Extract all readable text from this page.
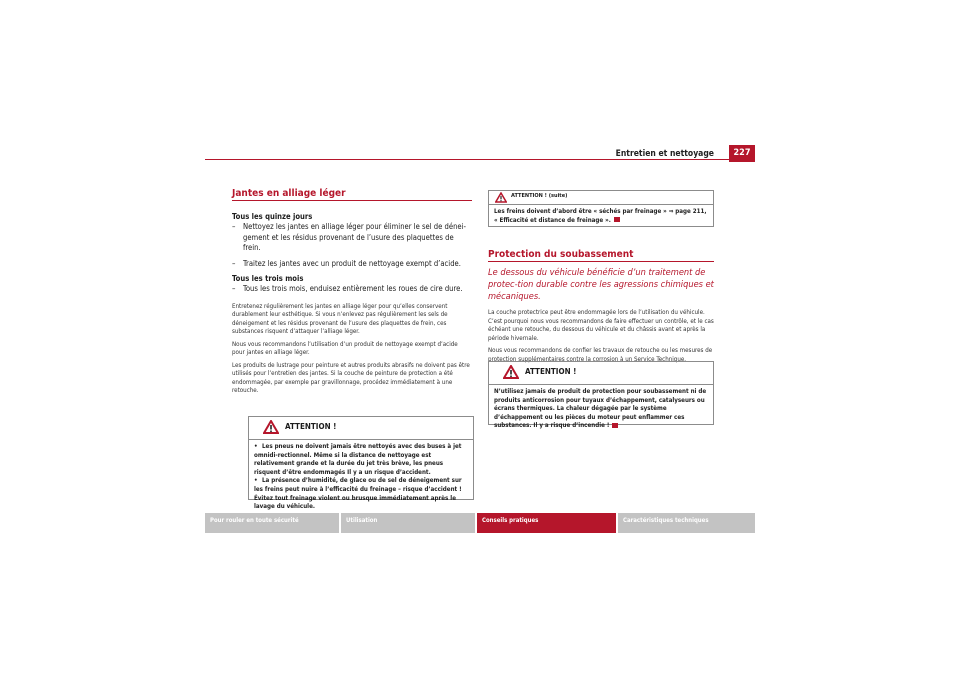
Entretien et nettoyage	227
Jantes en alliage léger

Tous les quinze jours

– Nettoyez les jantes en alliage léger pour éliminer le sel de dénei-

gement et les résidus provenant de l’usure des plaquettes de

frein.

– Traitez les jantes avec un produit de nettoyage exempt d’acide.

Tous les trois mois

– Tous les trois mois, enduisez entièrement les roues de cire dure.

Entretenez régulièrement les jantes en alliage léger pour qu’elles conservent durablement leur esthétique. Si vous n’enlevez pas régulièrement les sels de déneigement et les résidus provenant de l’usure des plaquettes de frein, ces substances risquent d’attaquer l’alliage léger.

Nous vous recommandons l’utilisation d’un produit de nettoyage exempt d’acide pour jantes en alliage léger.

Les produits de lustrage pour peinture et autres produits abrasifs ne doivent pas être utilisés pour l’entretien des jantes. Si la couche de peinture de protection a été endommagée, par exemple par gravillonnage, procédez immédiatement à une retouche.

ATTENTION !

• Les pneus ne doivent jamais être nettoyés avec des buses à jet omnidi-rectionnel. Même si la distance de nettoyage est relativement grande et la durée du jet très brève, les pneus risquent d’être endommagés Il y a un risque d’accident.

• La présence d’humidité, de glace ou de sel de déneigement sur les freins peut nuire à l’efficacité du freinage – risque d’accident ! Évitez tout freinage violent ou brusque immédiatement après le lavage du véhicule.

ATTENTION ! (suite)
Les freins doivent d’abord être « séchés par freinage » ⇒ page 211, « Efficacité et distance de freinage ».
Protection du soubassement

Le dessous du véhicule bénéficie d’un traitement de protec-tion durable contre les agressions chimiques et mécaniques.

La couche protectrice peut être endommagée lors de l’utilisation du véhicule. C’est pourquoi nous vous recommandons de faire effectuer un contrôle, et le cas échéant une retouche, du dessous du véhicule et du châssis avant et après la période hivernale.

Nous vous recommandons de confier les travaux de retouche ou les mesures de protection supplémentaires contre la corrosion à un Service Technique.

ATTENTION !
N’utilisez jamais de produit de protection pour soubassement ni de produits anticorrosion pour tuyaux d’échappement, catalyseurs ou écrans thermiques. La chaleur dégagée par le système d’échappement ou les pièces du moteur peut enflammer ces substances. Il y a risque d’incendie !
Pour rouler en toute sécurité	Utilisation	Conseils pratiques	Caractéristiques techniques
